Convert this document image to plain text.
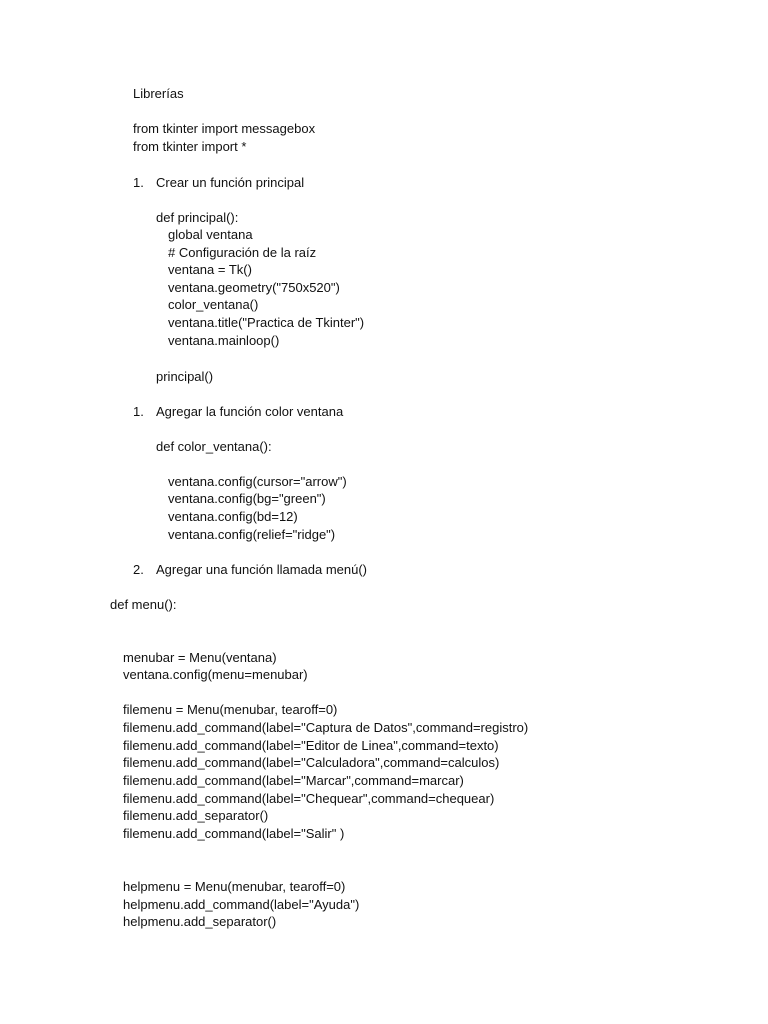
Librerías
from tkinter import messagebox
from tkinter import *
1. Crear un función principal
def principal():
global ventana
# Configuración de la raíz
ventana = Tk()
ventana.geometry("750x520")
color_ventana()
ventana.title("Practica de Tkinter")
ventana.mainloop()
principal()
1. Agregar la función color ventana
def color_ventana():
ventana.config(cursor="arrow")
ventana.config(bg="green")
ventana.config(bd=12)
ventana.config(relief="ridge")
2. Agregar una función llamada menú()
def menu():
menubar = Menu(ventana)
ventana.config(menu=menubar)
filemenu = Menu(menubar, tearoff=0)
filemenu.add_command(label="Captura de Datos",command=registro)
filemenu.add_command(label="Editor de Linea",command=texto)
filemenu.add_command(label="Calculadora",command=calculos)
filemenu.add_command(label="Marcar",command=marcar)
filemenu.add_command(label="Chequear",command=chequear)
filemenu.add_separator()
filemenu.add_command(label="Salir" )
helpmenu = Menu(menubar, tearoff=0)
helpmenu.add_command(label="Ayuda")
helpmenu.add_separator()
